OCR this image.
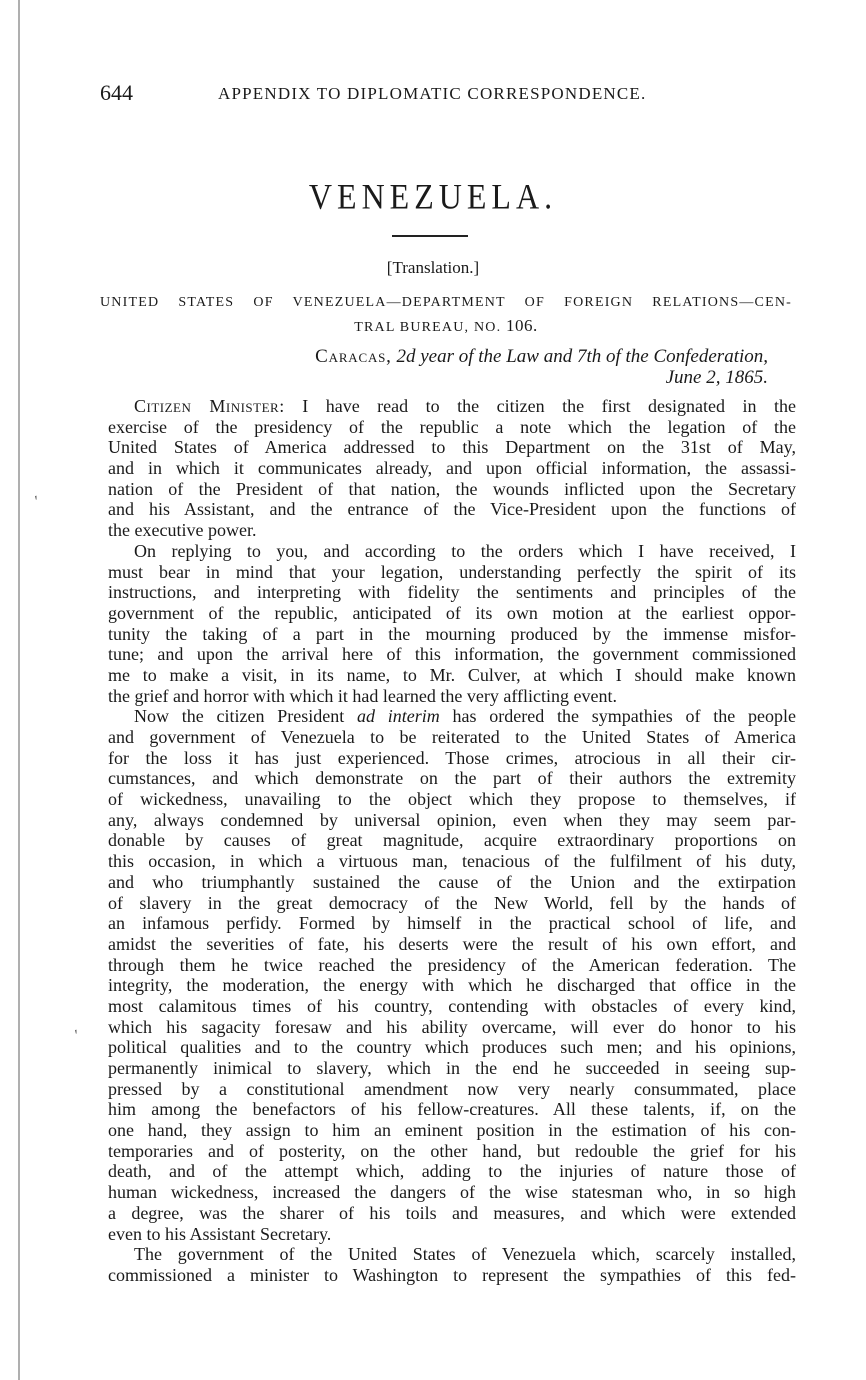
′
′
644	APPENDIX TO DIPLOMATIC CORRESPONDENCE.
VENEZUELA.
[Translation.]
UNITED STATES OF VENEZUELA—DEPARTMENT OF FOREIGN RELATIONS—CEN-
TRAL BUREAU, NO. 106.
Caracas, 2d year of the Law and 7th of the Confederation,
June 2, 1865.
Citizen Minister: I have read to the citizen the first designated in the
exercise of the presidency of the republic a note which the legation of the
United States of America addressed to this Department on the 31st of May,
and in which it communicates already, and upon official information, the assassi-
nation of the President of that nation, the wounds inflicted upon the Secretary
and his Assistant, and the entrance of the Vice-President upon the functions of
the executive power.
On replying to you, and according to the orders which I have received, I
must bear in mind that your legation, understanding perfectly the spirit of its
instructions, and interpreting with fidelity the sentiments and principles of the
government of the republic, anticipated of its own motion at the earliest oppor-
tunity the taking of a part in the mourning produced by the immense misfor-
tune; and upon the arrival here of this information, the government commissioned
me to make a visit, in its name, to Mr. Culver, at which I should make known
the grief and horror with which it had learned the very afflicting event.
Now the citizen President ad interim has ordered the sympathies of the people
and government of Venezuela to be reiterated to the United States of America
for the loss it has just experienced. Those crimes, atrocious in all their cir-
cumstances, and which demonstrate on the part of their authors the extremity
of wickedness, unavailing to the object which they propose to themselves, if
any, always condemned by universal opinion, even when they may seem par-
donable by causes of great magnitude, acquire extraordinary proportions on
this occasion, in which a virtuous man, tenacious of the fulfilment of his duty,
and who triumphantly sustained the cause of the Union and the extirpation
of slavery in the great democracy of the New World, fell by the hands of
an infamous perfidy. Formed by himself in the practical school of life, and
amidst the severities of fate, his deserts were the result of his own effort, and
through them he twice reached the presidency of the American federation. The
integrity, the moderation, the energy with which he discharged that office in the
most calamitous times of his country, contending with obstacles of every kind,
which his sagacity foresaw and his ability overcame, will ever do honor to his
political qualities and to the country which produces such men; and his opinions,
permanently inimical to slavery, which in the end he succeeded in seeing sup-
pressed by a constitutional amendment now very nearly consummated, place
him among the benefactors of his fellow-creatures. All these talents, if, on the
one hand, they assign to him an eminent position in the estimation of his con-
temporaries and of posterity, on the other hand, but redouble the grief for his
death, and of the attempt which, adding to the injuries of nature those of
human wickedness, increased the dangers of the wise statesman who, in so high
a degree, was the sharer of his toils and measures, and which were extended
even to his Assistant Secretary.
The government of the United States of Venezuela which, scarcely installed,
commissioned a minister to Washington to represent the sympathies of this fed-
